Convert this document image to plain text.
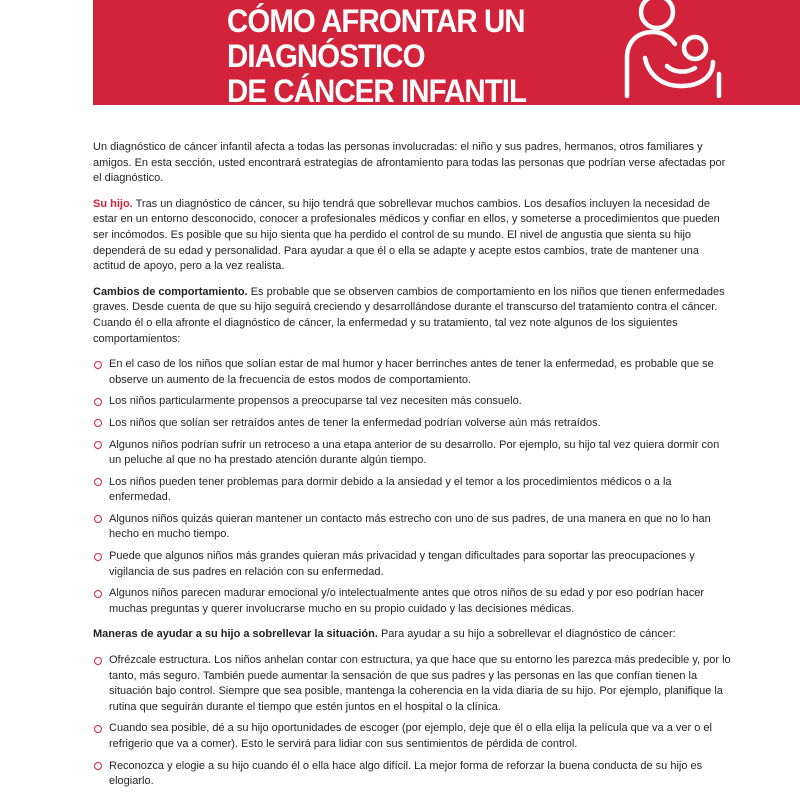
CÓMO AFRONTAR UN DIAGNÓSTICO
DE CÁNCER INFANTIL

Un diagnóstico de cáncer infantil afecta a todas las personas involucradas: el niño y sus padres, hermanos, otros familiares y amigos. En esta sección, usted encontrará estrategias de afrontamiento para todas las personas que podrían verse afectadas por el diagnóstico.

Su hijo. Tras un diagnóstico de cáncer, su hijo tendrá que sobrellevar muchos cambios. Los desafíos incluyen la necesidad de estar en un entorno desconocido, conocer a profesionales médicos y confiar en ellos, y someterse a procedimientos que pueden ser incómodos. Es posible que su hijo sienta que ha perdido el control de su mundo. El nivel de angustia que sienta su hijo dependerá de su edad y personalidad. Para ayudar a que él o ella se adapte y acepte estos cambios, trate de mantener una actitud de apoyo, pero a la vez realista.

Cambios de comportamiento. Es probable que se observen cambios de comportamiento en los niños que tienen enfermedades graves. Desde cuenta de que su hijo seguirá creciendo y desarrollándose durante el transcurso del tratamiento contra el cáncer. Cuando él o ella afronte el diagnóstico de cáncer, la enfermedad y su tratamiento, tal vez note algunos de los siguientes comportamientos:

En el caso de los niños que solían estar de mal humor y hacer berrinches antes de tener la enfermedad, es probable que se observe un aumento de la frecuencia de estos modos de comportamiento.
Los niños particularmente propensos a preocuparse tal vez necesiten más consuelo.
Los niños que solían ser retraídos antes de tener la enfermedad podrían volverse aún más retraídos.
Algunos niños podrían sufrir un retroceso a una etapa anterior de su desarrollo. Por ejemplo, su hijo tal vez quiera dormir con un peluche al que no ha prestado atención durante algún tiempo.
Los niños pueden tener problemas para dormir debido a la ansiedad y el temor a los procedimientos médicos o a la enfermedad.
Algunos niños quizás quieran mantener un contacto más estrecho con uno de sus padres, de una manera en que no lo han hecho en mucho tiempo.
Puede que algunos niños más grandes quieran más privacidad y tengan dificultades para soportar las preocupaciones y vigilancia de sus padres en relación con su enfermedad.
Algunos niños parecen madurar emocional y/o intelectualmente antes que otros niños de su edad y por eso podrían hacer muchas preguntas y querer involucrarse mucho en su propio cuidado y las decisiones médicas.

Maneras de ayudar a su hijo a sobrellevar la situación. Para ayudar a su hijo a sobrellevar el diagnóstico de cáncer:

Ofrézcale estructura. Los niños anhelan contar con estructura, ya que hace que su entorno les parezca más predecible y, por lo tanto, más seguro. También puede aumentar la sensación de que sus padres y las personas en las que confían tienen la situación bajo control. Siempre que sea posible, mantenga la coherencia en la vida diaria de su hijo. Por ejemplo, planifique la rutina que seguirán durante el tiempo que estén juntos en el hospital o la clínica.
Cuando sea posible, dé a su hijo oportunidades de escoger (por ejemplo, deje que él o ella elija la película que va a ver o el refrigerio que va a comer). Esto le servirá para lidiar con sus sentimientos de pérdida de control.
Reconozca y elogie a su hijo cuando él o ella hace algo difícil. La mejor forma de reforzar la buena conducta de su hijo es elogiarlo.
